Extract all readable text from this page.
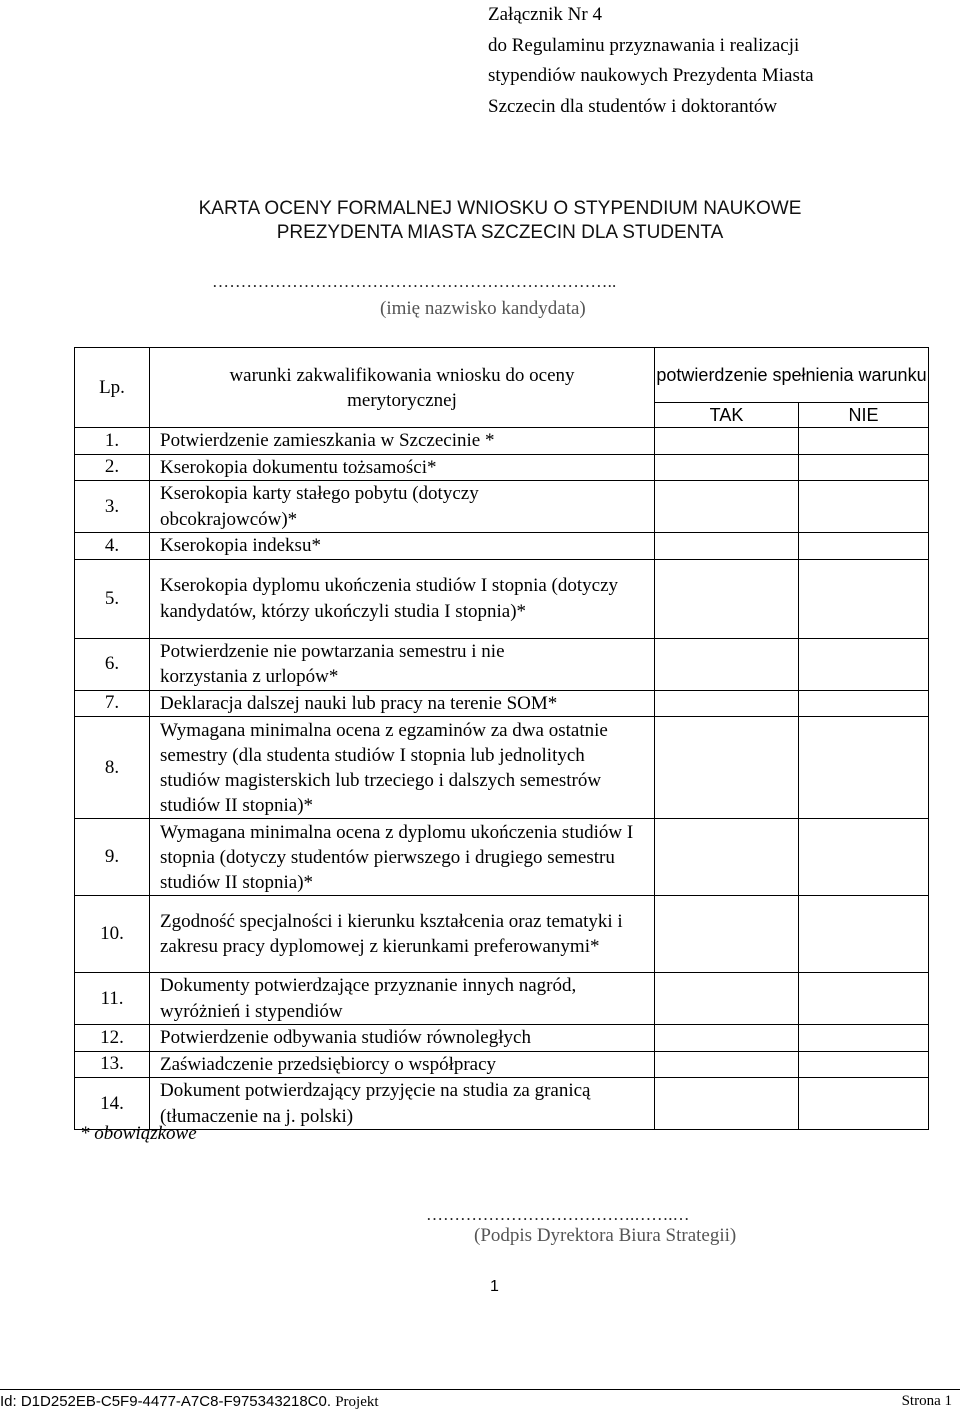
Załącznik Nr 4
do Regulaminu przyznawania i realizacji
stypendiów naukowych Prezydenta Miasta
Szczecin dla studentów i doktorantów
KARTA OCENY FORMALNEJ WNIOSKU O STYPENDIUM NAUKOWE
PREZYDENTA MIASTA SZCZECIN DLA STUDENTA
……………………………………………………………..
(imię nazwisko kandydata)
Lp.	warunki zakwalifikowania wniosku do oceny merytorycznej	potwierdzenie spełnienia warunku	
		TAK	NIE
1.	Potwierdzenie zamieszkania w Szczecinie *		
2.	Kserokopia dokumentu tożsamości*		
3.	Kserokopia karty stałego pobytu (dotyczy obcokrajowców)*		
4.	Kserokopia indeksu*		
5.	Kserokopia dyplomu ukończenia studiów I stopnia (dotyczy kandydatów, którzy ukończyli studia I stopnia)*		
6.	Potwierdzenie nie powtarzania semestru i nie korzystania z urlopów*		
7.	Deklaracja dalszej nauki lub pracy na terenie SOM*		
8.	Wymagana minimalna ocena z egzaminów za dwa ostatnie semestry (dla studenta studiów I stopnia lub jednolitych studiów magisterskich lub trzeciego i dalszych semestrów studiów II stopnia)*		
9.	Wymagana minimalna ocena z dyplomu ukończenia studiów I stopnia (dotyczy studentów pierwszego i drugiego semestru studiów II stopnia)*		
10.	Zgodność specjalności i kierunku kształcenia oraz tematyki i zakresu pracy dyplomowej z kierunkami preferowanymi*		
11.	Dokumenty potwierdzające przyznanie innych nagród, wyróżnień i stypendiów		
12.	Potwierdzenie odbywania studiów równoległych		
13.	Zaświadczenie przedsiębiorcy o współpracy		
14.	Dokument potwierdzający przyjęcie na studia za granicą (tłumaczenie na j. polski)		
* obowiązkowe
……………………………….…….…
(Podpis Dyrektora Biura Strategii)
1
Id: D1D252EB-C5F9-4477-A7C8-F975343218C0. Projekt	Strona 1
